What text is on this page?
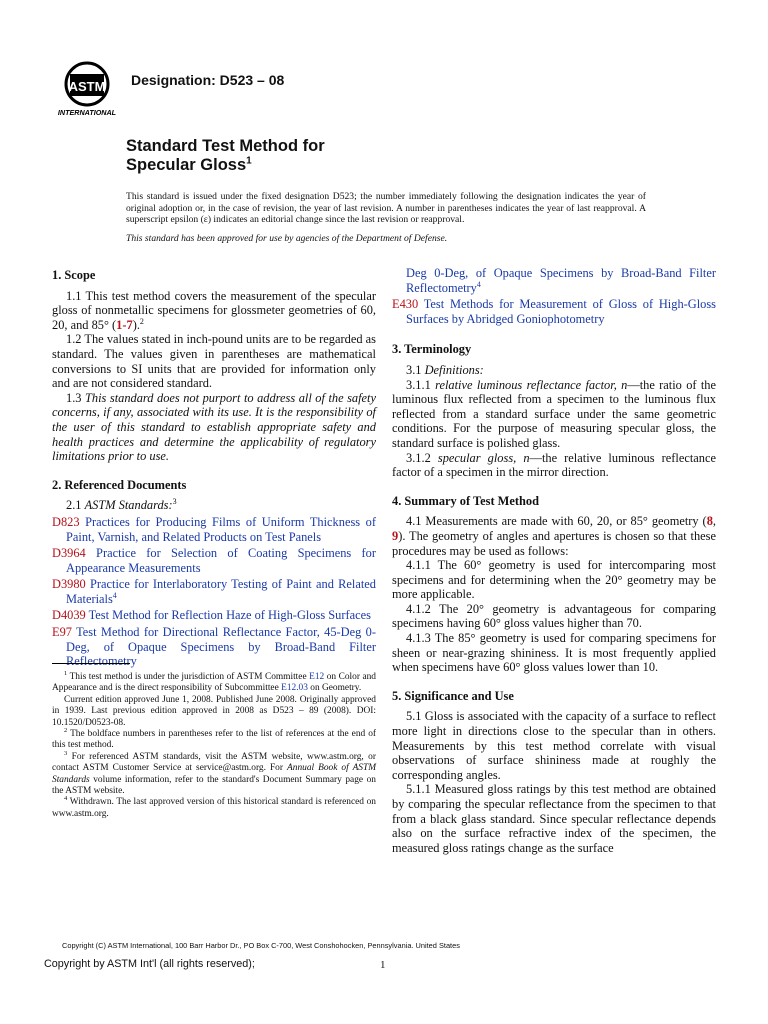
ASTM
INTERNATIONAL
Designation: D523 – 08
Standard Test Method for
Specular Gloss$^1$
This standard is issued under the fixed designation D523; the number immediately following the designation indicates the year of original adoption or, in the case of revision, the year of last revision. A number in parentheses indicates the year of last reapproval. A superscript epsilon (ε) indicates an editorial change since the last revision or reapproval.
This standard has been approved for use by agencies of the Department of Defense.
1. Scope

1.1 This test method covers the measurement of the specular gloss of nonmetallic specimens for glossmeter geometries of 60, 20, and 85° (1-7).$^2$

1.2 The values stated in inch-pound units are to be regarded as standard. The values given in parentheses are mathematical conversions to SI units that are provided for information only and are not considered standard.

1.3 This standard does not purport to address all of the safety concerns, if any, associated with its use. It is the responsibility of the user of this standard to establish appropriate safety and health practices and determine the applicability of regulatory limitations prior to use.

2. Referenced Documents

2.1 ASTM Standards:$^3$

D823 Practices for Producing Films of Uniform Thickness of Paint, Varnish, and Related Products on Test Panels

D3964 Practice for Selection of Coating Specimens for Appearance Measurements

D3980 Practice for Interlaboratory Testing of Paint and Related Materials$^4$

D4039 Test Method for Reflection Haze of High-Gloss Surfaces

E97 Test Method for Directional Reflectance Factor, 45-Deg 0-Deg, of Opaque Specimens by Broad-Band Filter Reflectometry

$^1$ This test method is under the jurisdiction of ASTM Committee E12 on Color and Appearance and is the direct responsibility of Subcommittee E12.03 on Geometry.

Current edition approved June 1, 2008. Published June 2008. Originally approved in 1939. Last previous edition approved in 2008 as D523 – 89 (2008). DOI: 10.1520/D0523-08.

$^2$ The boldface numbers in parentheses refer to the list of references at the end of this test method.

$^3$ For referenced ASTM standards, visit the ASTM website, www.astm.org, or contact ASTM Customer Service at service@astm.org. For Annual Book of ASTM Standards volume information, refer to the standard's Document Summary page on the ASTM website.

$^4$ Withdrawn. The last approved version of this historical standard is referenced on www.astm.org.

Deg 0-Deg, of Opaque Specimens by Broad-Band Filter Reflectometry$^4$

E430 Test Methods for Measurement of Gloss of High-Gloss Surfaces by Abridged Goniophotometry

3. Terminology

3.1 Definitions:

3.1.1 relative luminous reflectance factor, n—the ratio of the luminous flux reflected from a specimen to the luminous flux reflected from a standard surface under the same geometric conditions. For the purpose of measuring specular gloss, the standard surface is polished glass.

3.1.2 specular gloss, n—the relative luminous reflectance factor of a specimen in the mirror direction.

4. Summary of Test Method

4.1 Measurements are made with 60, 20, or 85° geometry (8, 9). The geometry of angles and apertures is chosen so that these procedures may be used as follows:

4.1.1 The 60° geometry is used for intercomparing most specimens and for determining when the 20° geometry may be more applicable.

4.1.2 The 20° geometry is advantageous for comparing specimens having 60° gloss values higher than 70.

4.1.3 The 85° geometry is used for comparing specimens for sheen or near-grazing shininess. It is most frequently applied when specimens have 60° gloss values lower than 10.

5. Significance and Use

5.1 Gloss is associated with the capacity of a surface to reflect more light in directions close to the specular than in others. Measurements by this test method correlate with visual observations of surface shininess made at roughly the corresponding angles.

5.1.1 Measured gloss ratings by this test method are obtained by comparing the specular reflectance from the specimen to that from a black glass standard. Since specular reflectance depends also on the surface refractive index of the specimen, the measured gloss ratings change as the surface

Copyright (C) ASTM International, 100 Barr Harbor Dr., PO Box C-700, West Conshohocken, Pennsylvania. United States
Copyright by ASTM Int'l (all rights reserved);	1
